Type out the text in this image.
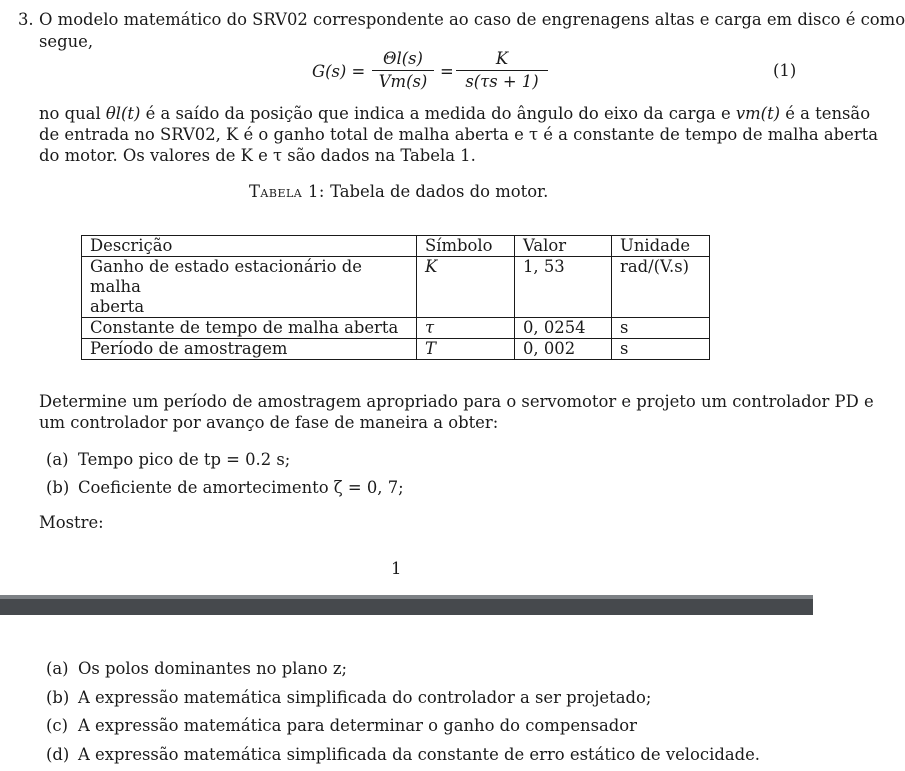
3. O modelo matemático do SRV02 correspondente ao caso de engrenagens altas e carga em disco é como
segue,
G(s) =
Θl(s)
Vm(s)
=
K
s(τs + 1)
(1)
no qual θl(t) é a saído da posição que indica a medida do ângulo do eixo da carga e vm(t) é a tensão
de entrada no SRV02, K é o ganho total de malha aberta e τ é a constante de tempo de malha aberta
do motor. Os valores de K e τ são dados na Tabela 1.
Tabela 1: Tabela de dados do motor.
Descrição	Símbolo	Valor	Unidade

Ganho de estado estacionário de malha
aberta	K	1, 53	rad/(V.s)
Constante de tempo de malha aberta	τ	0, 0254	s
Período de amostragem	T	0, 002	s
Determine um período de amostragem apropriado para o servomotor e projeto um controlador PD e
um controlador por avanço de fase de maneira a obter:
(a) Tempo pico de tp = 0.2 s;
(b) Coeficiente de amortecimento ζ = 0, 7;
Mostre:
1
(a) Os polos dominantes no plano z;
(b) A expressão matemática simplificada do controlador a ser projetado;
(c) A expressão matemática para determinar o ganho do compensador
(d) A expressão matemática simplificada da constante de erro estático de velocidade.
